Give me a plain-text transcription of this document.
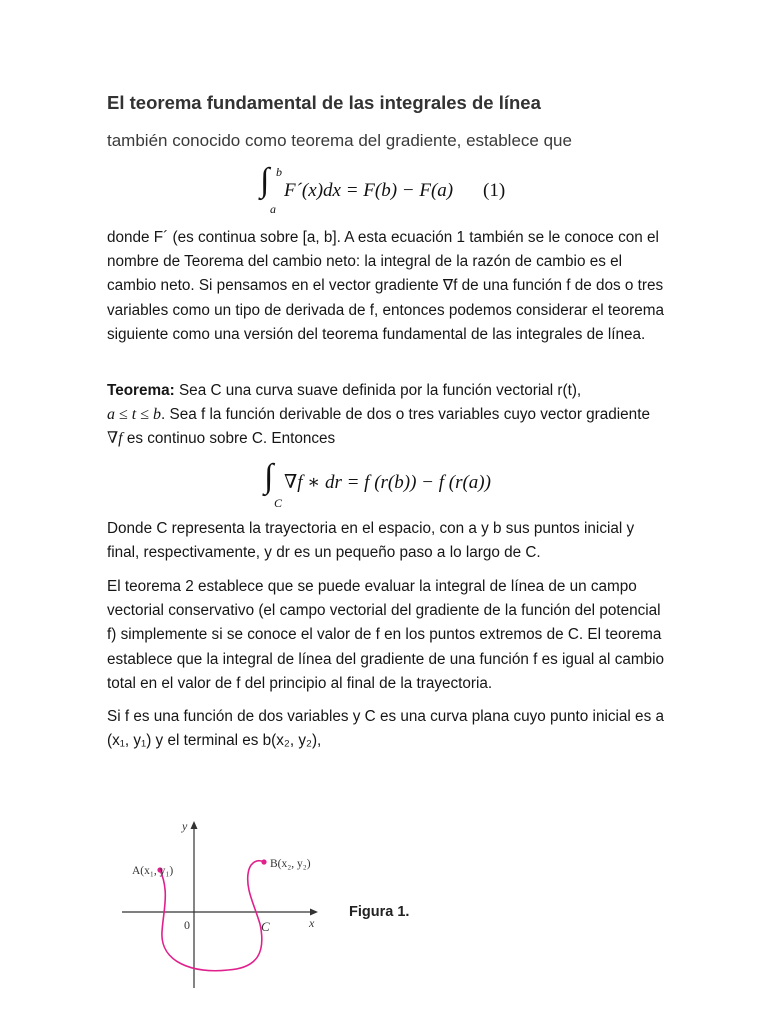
El teorema fundamental de las integrales de línea

también conocido como teorema del gradiente, establece que

b
∫
a
F´(x)dx = F(b) − F(a) (1)

donde F´ (es continua sobre [a, b]. A esta ecuación 1 también se le conoce con el nombre de Teorema del cambio neto: la integral de la razón de cambio es el cambio neto. Si pensamos en el vector gradiente ∇f de una función f de dos o tres variables como un tipo de derivada de f, entonces podemos considerar el teorema siguiente como una versión del teorema fundamental de las integrales de línea.

Teorema: Sea C una curva suave definida por la función vectorial r(t),
a ≤ t ≤ b. Sea f la función derivable de dos o tres variables cuyo vector gradiente ∇f es continuo sobre C. Entonces

∫
C
∇f ∗ dr = f (r(b)) − f (r(a))

Donde C representa la trayectoria en el espacio, con a y b sus puntos inicial y final, respectivamente, y dr es un pequeño paso a lo largo de C.

El teorema 2 establece que se puede evaluar la integral de línea de un campo vectorial conservativo (el campo vectorial del gradiente de la función del potencial f) simplemente si se conoce el valor de f en los puntos extremos de C. El teorema establece que la integral de línea del gradiente de una función f es igual al cambio total en el valor de f del principio al final de la trayectoria.

Si f es una función de dos variables y C es una curva plana cuyo punto inicial es a (x₁, y₁) y el terminal es b(x₂, y₂),

y
x
0
A(x₁, y₁)
B(x₂, y₂)
C
Figura 1.
